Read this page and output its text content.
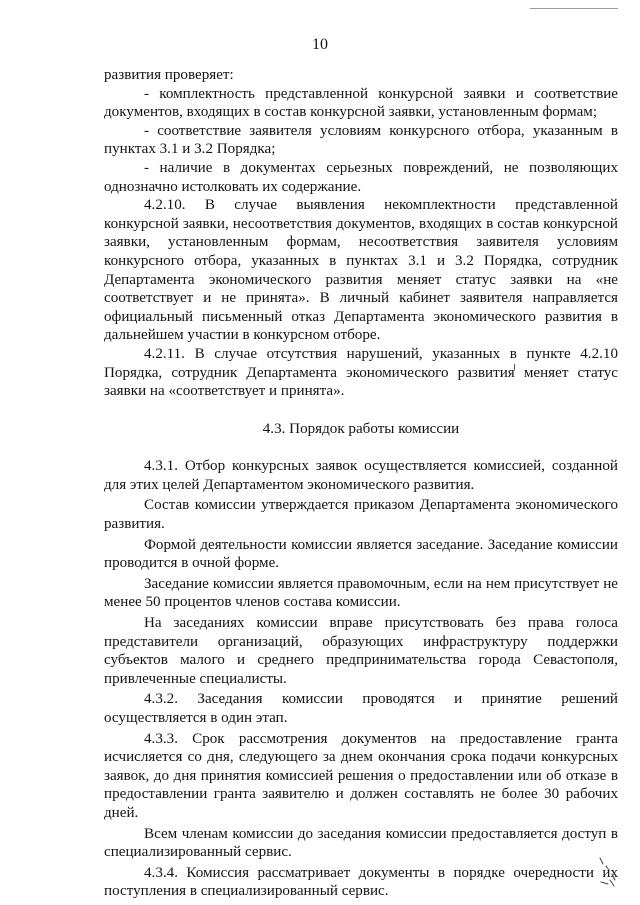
10

развития проверяет:

- комплектность представленной конкурсной заявки и соответствие документов, входящих в состав конкурсной заявки, установленным формам;

- соответствие заявителя условиям конкурсного отбора, указанным в пунктах 3.1 и 3.2 Порядка;

- наличие в документах серьезных повреждений, не позволяющих однозначно истолковать их содержание.

4.2.10. В случае выявления некомплектности представленной конкурсной заявки, несоответствия документов, входящих в состав конкурсной заявки, установленным формам, несоответствия заявителя условиям конкурсного отбора, указанных в пунктах 3.1 и 3.2 Порядка, сотрудник Департамента экономического развития меняет статус заявки на «не соответствует и не принята». В личный кабинет заявителя направляется официальный письменный отказ Департамента экономического развития в дальнейшем участии в конкурсном отборе.

4.2.11. В случае отсутствия нарушений, указанных в пункте 4.2.10 Порядка, сотрудник Департамента экономического развития меняет статус заявки на «соответствует и принята».

4.3. Порядок работы комиссии

4.3.1. Отбор конкурсных заявок осуществляется комиссией, созданной для этих целей Департаментом экономического развития.

Состав комиссии утверждается приказом Департамента экономического развития.

Формой деятельности комиссии является заседание. Заседание комиссии проводится в очной форме.

Заседание комиссии является правомочным, если на нем присутствует не менее 50 процентов членов состава комиссии.

На заседаниях комиссии вправе присутствовать без права голоса представители организаций, образующих инфраструктуру поддержки субъектов малого и среднего предпринимательства города Севастополя, привлеченные специалисты.

4.3.2. Заседания комиссии проводятся и принятие решений осуществляется в один этап.

4.3.3. Срок рассмотрения документов на предоставление гранта исчисляется со дня, следующего за днем окончания срока подачи конкурсных заявок, до дня принятия комиссией решения о предоставлении или об отказе в предоставлении гранта заявителю и должен составлять не более 30 рабочих дней.

Всем членам комиссии до заседания комиссии предоставляется доступ в специализированный сервис.

4.3.4. Комиссия рассматривает документы в порядке очередности их поступления в специализированный сервис.
